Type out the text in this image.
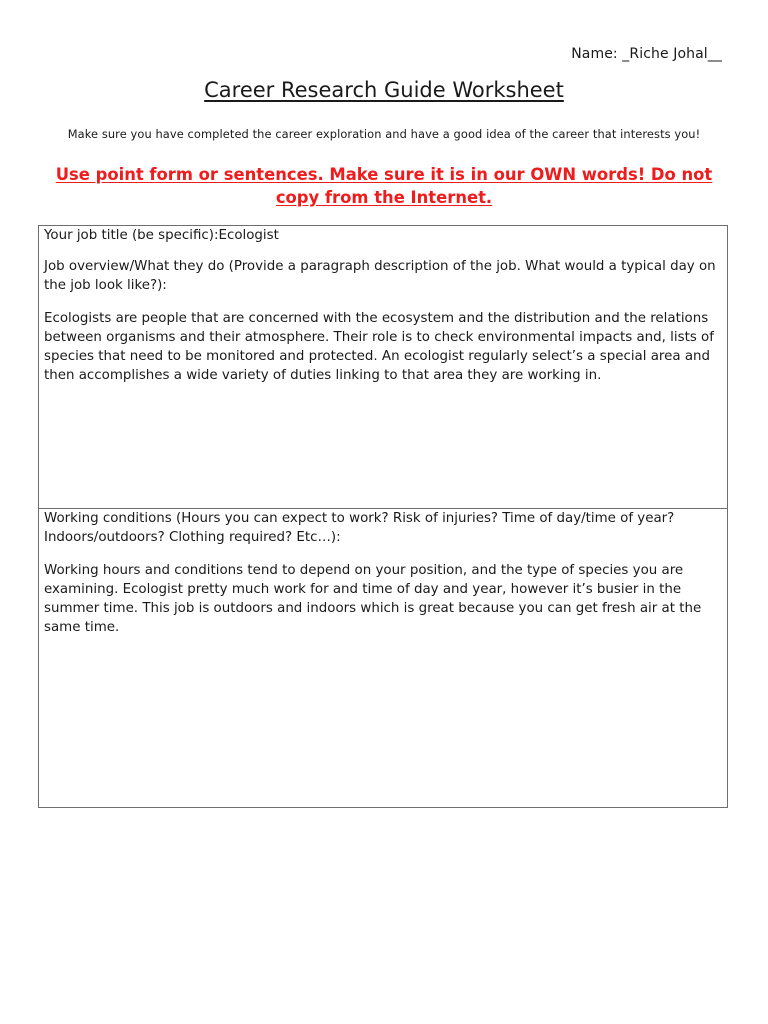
Name: _Riche Johal__
Career Research Guide Worksheet
Make sure you have completed the career exploration and have a good idea of the career that interests you!
Use point form or sentences. Make sure it is in our OWN words! Do not copy from the Internet.

Your job title (be specific):Ecologist

Job overview/What they do (Provide a paragraph description of the job. What would a typical day on the job look like?):

Ecologists are people that are concerned with the ecosystem and the distribution and the relations between organisms and their atmosphere. Their role is to check environmental impacts and, lists of species that need to be monitored and protected. An ecologist regularly select’s a special area and then accomplishes a wide variety of duties linking to that area they are working in.

Working conditions (Hours you can expect to work? Risk of injuries? Time of day/time of year? Indoors/outdoors? Clothing required? Etc…):

Working hours and conditions tend to depend on your position, and the type of species you are examining. Ecologist pretty much work for and time of day and year, however it’s busier in the summer time. This job is outdoors and indoors which is great because you can get fresh air at the same time.
